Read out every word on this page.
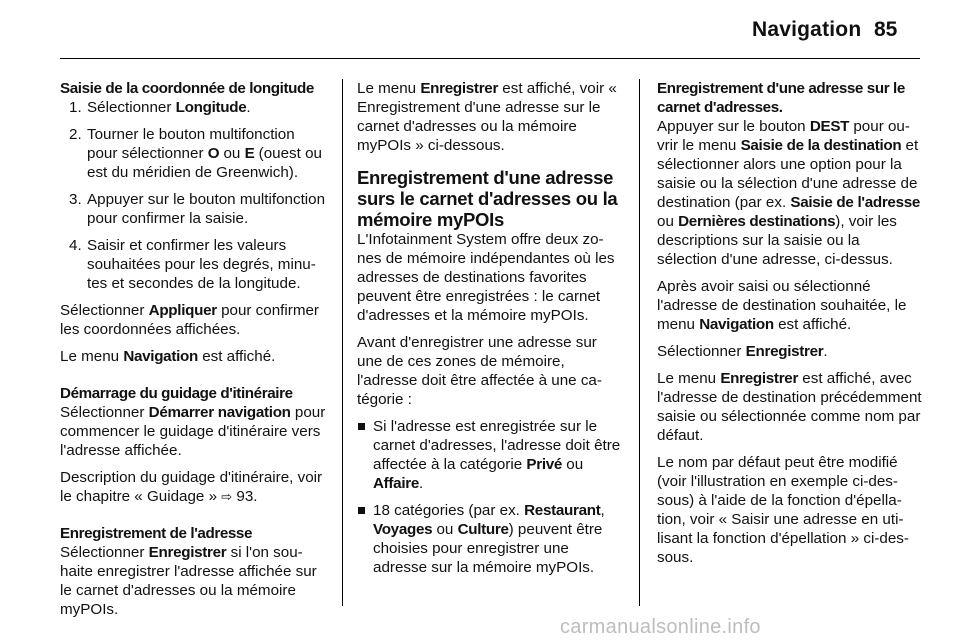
Navigation 85
Saisie de la coordonnée de longitude
1. Sélectionner Longitude.
2. Tourner le bouton multifonction pour sélectionner O ou E (ouest ou est du méridien de Greenwich).
3. Appuyer sur le bouton multifonction pour confirmer la saisie.
4. Saisir et confirmer les valeurs souhaitées pour les degrés, minutes et secondes de la longitude.

Sélectionner Appliquer pour confirmer les coordonnées affichées.

Le menu Navigation est affiché.

Démarrage du guidage d'itinéraire

Sélectionner Démarrer navigation pour commencer le guidage d'itinéraire vers l'adresse affichée.

Description du guidage d'itinéraire, voir le chapitre « Guidage » ⇨ 93.

Enregistrement de l'adresse

Sélectionner Enregistrer si l'on souhaite enregistrer l'adresse affichée sur le carnet d'adresses ou la mémoire myPOIs.

Le menu Enregistrer est affiché, voir « Enregistrement d'une adresse sur le carnet d'adresses ou la mémoire myPOIs » ci-dessous.

Enregistrement d'une adresse surs le carnet d'adresses ou la mémoire myPOIs

L'Infotainment System offre deux zones de mémoire indépendantes où les adresses de destinations favorites peuvent être enregistrées : le carnet d'adresses et la mémoire myPOIs.

Avant d'enregistrer une adresse sur une de ces zones de mémoire, l'adresse doit être affectée à une catégorie :

Si l'adresse est enregistrée sur le carnet d'adresses, l'adresse doit être affectée à la catégorie Privé ou Affaire.
18 catégories (par ex. Restaurant, Voyages ou Culture) peuvent être choisies pour enregistrer une adresse sur la mémoire myPOIs.
Enregistrement d'une adresse sur le carnet d'adresses.

Appuyer sur le bouton DEST pour ouvrir le menu Saisie de la destination et sélectionner alors une option pour la saisie ou la sélection d'une adresse de destination (par ex. Saisie de l'adresse ou Dernières destinations), voir les descriptions sur la saisie ou la sélection d'une adresse, ci-dessus.

Après avoir saisi ou sélectionné l'adresse de destination souhaitée, le menu Navigation est affiché.

Sélectionner Enregistrer.

Le menu Enregistrer est affiché, avec l'adresse de destination précédemment saisie ou sélectionnée comme nom par défaut.

Le nom par défaut peut être modifié (voir l'illustration en exemple ci-dessous) à l'aide de la fonction d'épellation, voir « Saisir une adresse en utilisant la fonction d'épellation » ci-dessous.

carmanualsonline.info
